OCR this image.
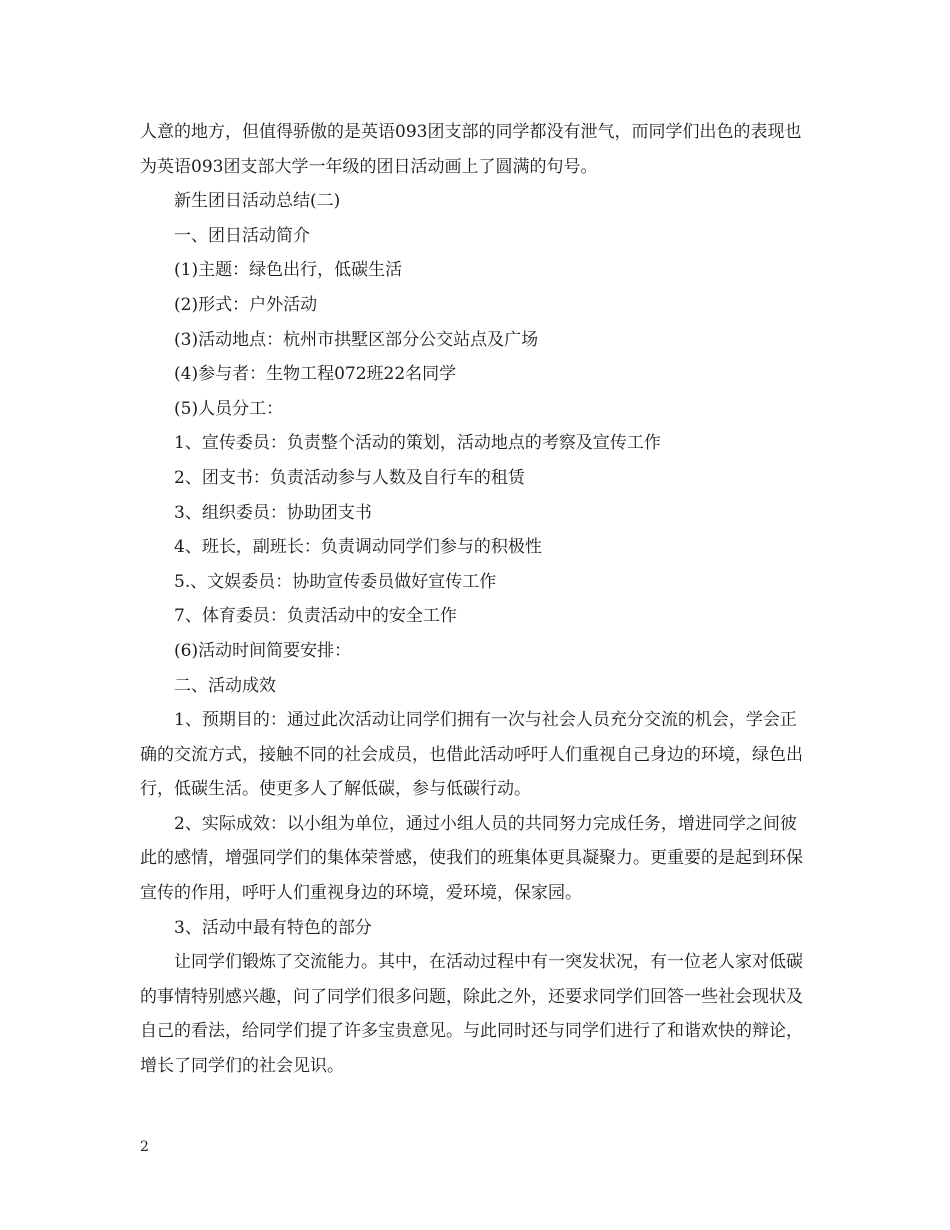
人意的地方，但值得骄傲的是英语093团支部的同学都没有泄气，而同学们出色的表现也为英语093团支部大学一年级的团日活动画上了圆满的句号。

新生团日活动总结(二)

一、团日活动简介

(1)主题：绿色出行，低碳生活

(2)形式：户外活动

(3)活动地点：杭州市拱墅区部分公交站点及广场

(4)参与者：生物工程072班22名同学

(5)人员分工：

1、宣传委员：负责整个活动的策划，活动地点的考察及宣传工作

2、团支书：负责活动参与人数及自行车的租赁

3、组织委员：协助团支书

4、班长，副班长：负责调动同学们参与的积极性

5.、文娱委员：协助宣传委员做好宣传工作

7、体育委员：负责活动中的安全工作

(6)活动时间简要安排：

二、活动成效

1、预期目的：通过此次活动让同学们拥有一次与社会人员充分交流的机会，学会正确的交流方式，接触不同的社会成员，也借此活动呼吁人们重视自己身边的环境，绿色出行，低碳生活。使更多人了解低碳，参与低碳行动。

2、实际成效：以小组为单位，通过小组人员的共同努力完成任务，增进同学之间彼此的感情，增强同学们的集体荣誉感，使我们的班集体更具凝聚力。更重要的是起到环保宣传的作用，呼吁人们重视身边的环境，爱环境，保家园。

3、活动中最有特色的部分

让同学们锻炼了交流能力。其中，在活动过程中有一突发状况，有一位老人家对低碳的事情特别感兴趣，问了同学们很多问题，除此之外，还要求同学们回答一些社会现状及自己的看法，给同学们提了许多宝贵意见。与此同时还与同学们进行了和谐欢快的辩论，增长了同学们的社会见识。

2
